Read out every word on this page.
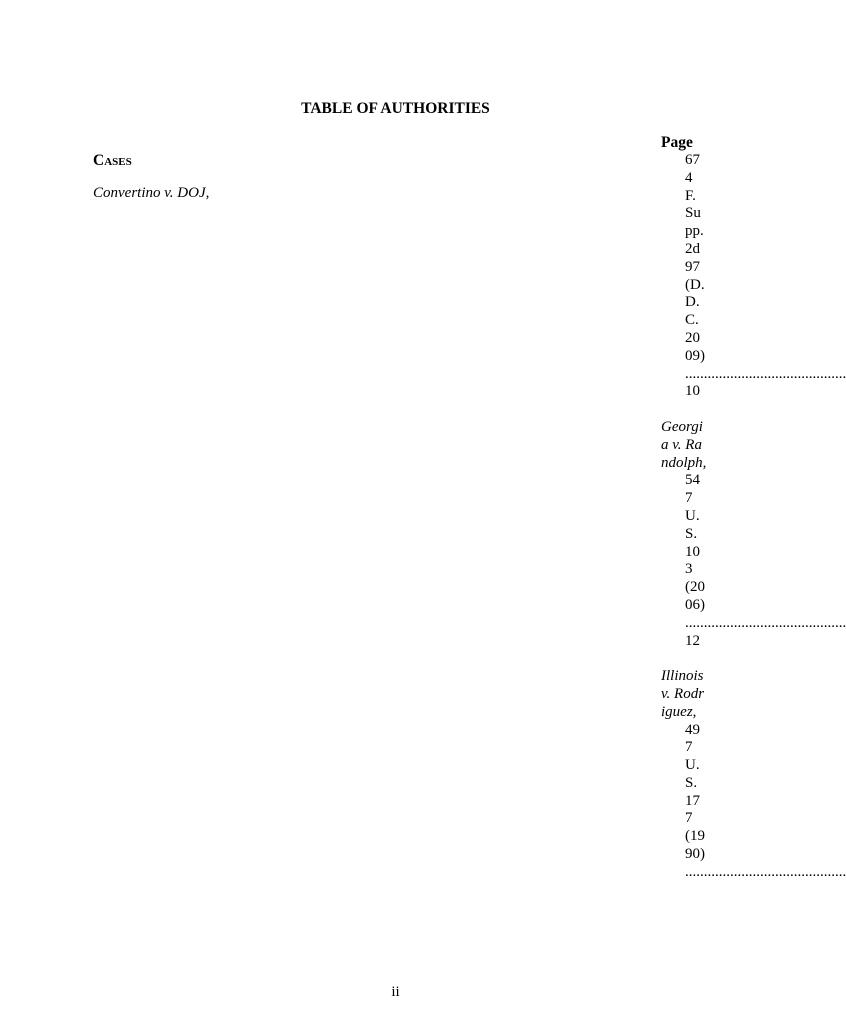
TABLE OF AUTHORITIES
Page
Cases
Convertino v. DOJ,
674 F. Supp. 2d 97 (D.D.C. 2009)
...........................................
10
Georgia v. Randolph,
547 U.S. 103 (2006)
...........................................
12
Illinois v. Rodriguez,
497 U.S. 177 (1990)
...........................................
ii
